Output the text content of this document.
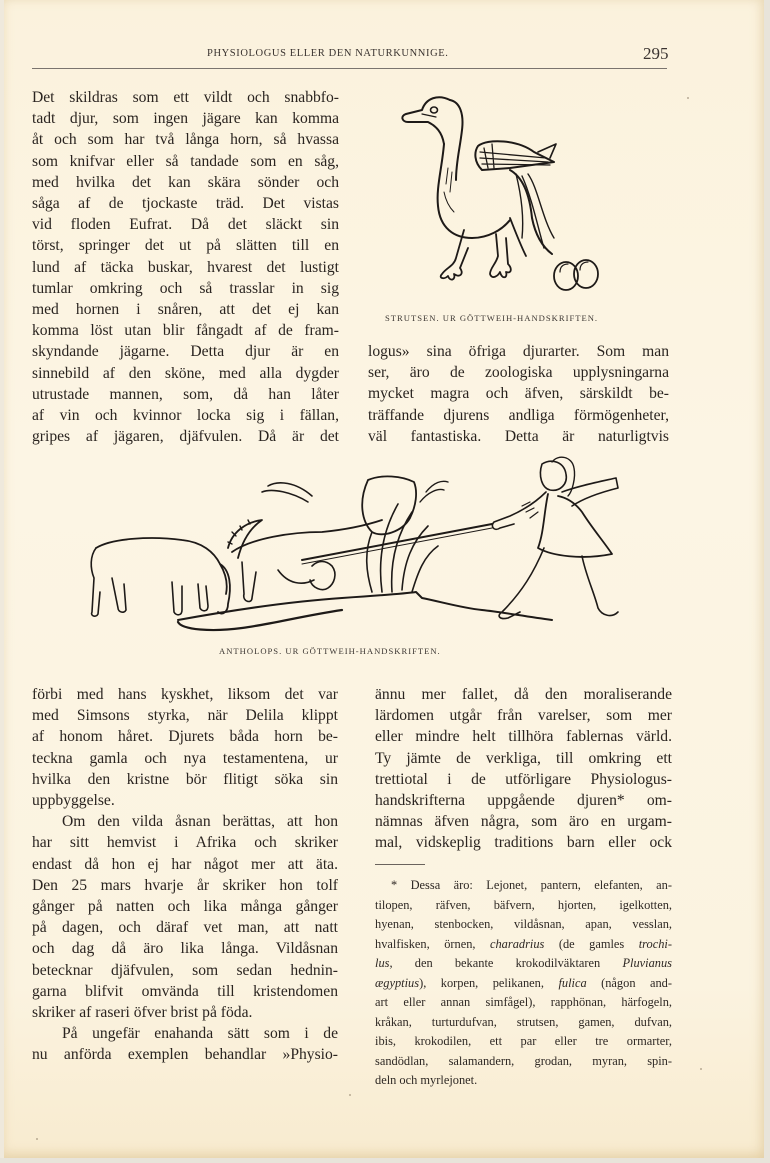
PHYSIOLOGUS ELLER DEN NATURKUNNIGE.	295
STRUTSEN. UR GÖTTWEIH-HANDSKRIFTEN.
ANTHOLOPS. UR GÖTTWEIH-HANDSKRIFTEN.

Det skildras som ett vildt och snabbfo-

tadt djur, som ingen jägare kan komma

åt och som har två långa horn, så hvassa

som knifvar eller så tandade som en såg,

med hvilka det kan skära sönder och

såga af de tjockaste träd. Det vistas

vid floden Eufrat. Då det släckt sin

törst, springer det ut på slätten till en

lund af täcka buskar, hvarest det lustigt

tumlar omkring och så trasslar in sig

med hornen i snåren, att det ej kan

komma löst utan blir fångadt af de fram-

skyndande jägarne. Detta djur är en

sinnebild af den sköne, med alla dygder

utrustade mannen, som, då han låter

af vin och kvinnor locka sig i fällan,

gripes af jägaren, djäfvulen. Då är det

logus» sina öfriga djurarter. Som man

ser, äro de zoologiska upplysningarna

mycket magra och äfven, särskildt be-

träffande djurens andliga förmögenheter,

väl fantastiska. Detta är naturligtvis

förbi med hans kyskhet, liksom det var

med Simsons styrka, när Delila klippt

af honom håret. Djurets båda horn be-

teckna gamla och nya testamentena, ur

hvilka den kristne bör flitigt söka sin

uppbyggelse.

Om den vilda åsnan berättas, att hon

har sitt hemvist i Afrika och skriker

endast då hon ej har något mer att äta.

Den 25 mars hvarje år skriker hon tolf

gånger på natten och lika många gånger

på dagen, och däraf vet man, att natt

och dag då äro lika långa. Vildåsnan

betecknar djäfvulen, som sedan hednin-

garna blifvit omvända till kristendomen

skriker af raseri öfver brist på föda.

På ungefär enahanda sätt som i de

nu anförda exemplen behandlar »Physio-

ännu mer fallet, då den moraliserande

lärdomen utgår från varelser, som mer

eller mindre helt tillhöra fablernas värld.

Ty jämte de verkliga, till omkring ett

trettiotal i de utförligare Physiologus-

handskrifterna uppgående djuren* om-

nämnas äfven några, som äro en urgam-

mal, vidskeplig traditions barn eller ock

* Dessa äro: Lejonet, pantern, elefanten, an-

tilopen, räfven, bäfvern, hjorten, igelkotten,

hyenan, stenbocken, vildåsnan, apan, vesslan,

hvalfisken, örnen, charadrius (de gamles trochi-

lus, den bekante krokodilväktaren Pluvianus

ægyptius), korpen, pelikanen, fulica (någon and-

art eller annan simfågel), rapphönan, härfogeln,

kråkan, turturdufvan, strutsen, gamen, dufvan,

ibis, krokodilen, ett par eller tre ormarter,

sandödlan, salamandern, grodan, myran, spin-

deln och myrlejonet.
